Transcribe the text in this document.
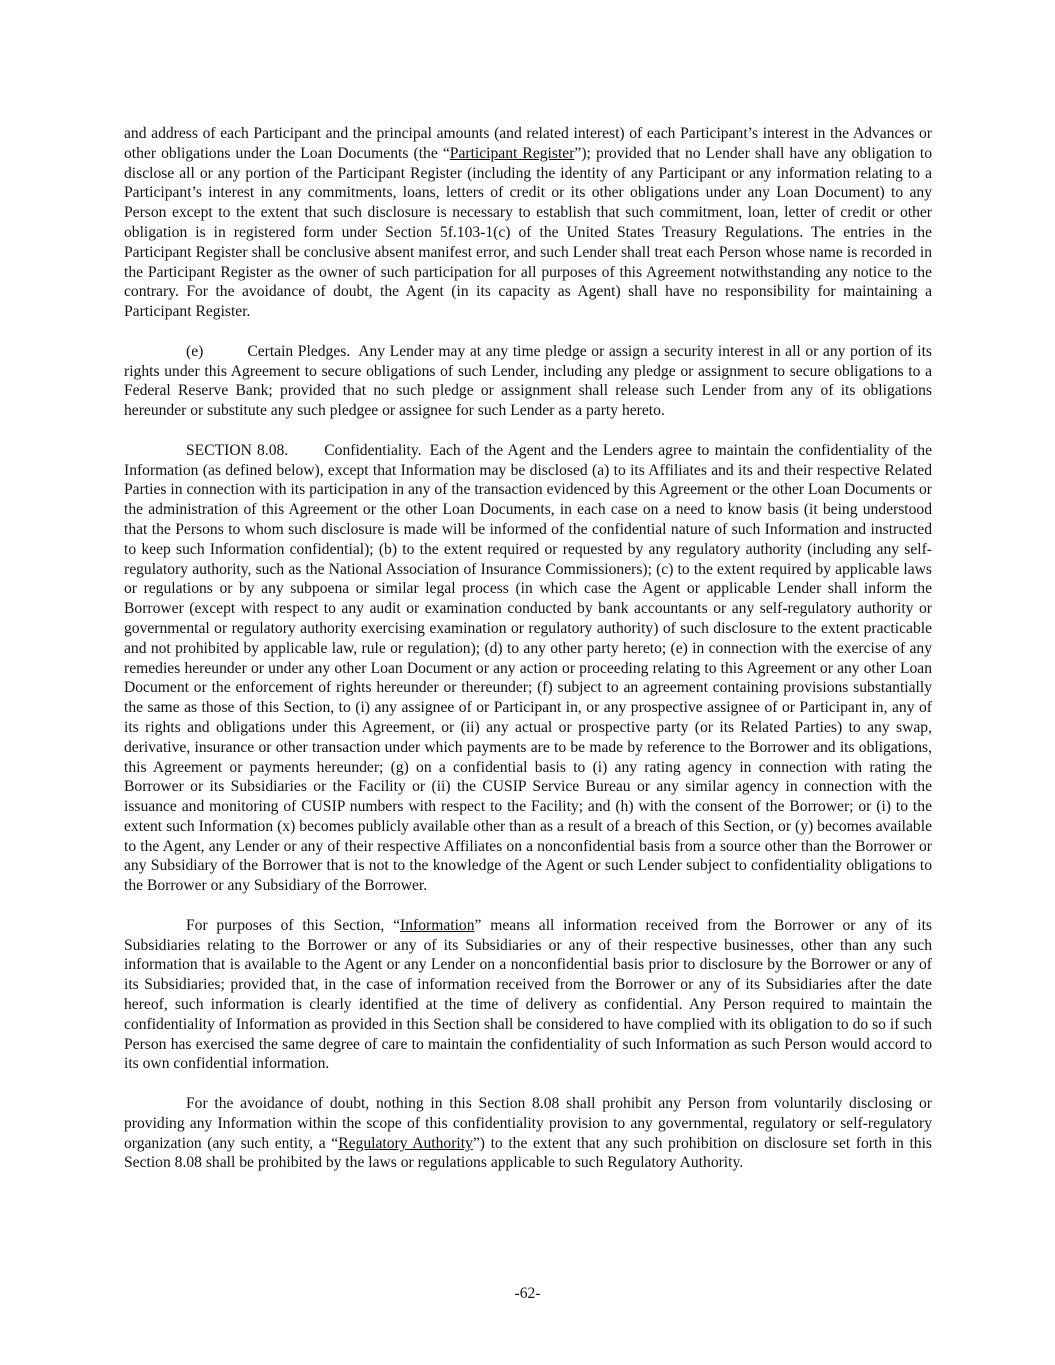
and address of each Participant and the principal amounts (and related interest) of each Participant’s interest in the Advances or other obligations under the Loan Documents (the “Participant Register”); provided that no Lender shall have any obligation to disclose all or any portion of the Participant Register (including the identity of any Participant or any information relating to a Participant’s interest in any commitments, loans, letters of credit or its other obligations under any Loan Document) to any Person except to the extent that such disclosure is necessary to establish that such commitment, loan, letter of credit or other obligation is in registered form under Section 5f.103-1(c) of the United States Treasury Regulations. The entries in the Participant Register shall be conclusive absent manifest error, and such Lender shall treat each Person whose name is recorded in the Participant Register as the owner of such participation for all purposes of this Agreement notwithstanding any notice to the contrary. For the avoidance of doubt, the Agent (in its capacity as Agent) shall have no responsibility for maintaining a Participant Register.

(e)	Certain Pledges. Any Lender may at any time pledge or assign a security interest in all or any portion of its rights under this Agreement to secure obligations of such Lender, including any pledge or assignment to secure obligations to a Federal Reserve Bank; provided that no such pledge or assignment shall release such Lender from any of its obligations hereunder or substitute any such pledgee or assignee for such Lender as a party hereto.

SECTION 8.08. Confidentiality. Each of the Agent and the Lenders agree to maintain the confidentiality of the Information (as defined below), except that Information may be disclosed (a) to its Affiliates and its and their respective Related Parties in connection with its participation in any of the transaction evidenced by this Agreement or the other Loan Documents or the administration of this Agreement or the other Loan Documents, in each case on a need to know basis (it being understood that the Persons to whom such disclosure is made will be informed of the confidential nature of such Information and instructed to keep such Information confidential); (b) to the extent required or requested by any regulatory authority (including any self-regulatory authority, such as the National Association of Insurance Commissioners); (c) to the extent required by applicable laws or regulations or by any subpoena or similar legal process (in which case the Agent or applicable Lender shall inform the Borrower (except with respect to any audit or examination conducted by bank accountants or any self-regulatory authority or governmental or regulatory authority exercising examination or regulatory authority) of such disclosure to the extent practicable and not prohibited by applicable law, rule or regulation); (d) to any other party hereto; (e) in connection with the exercise of any remedies hereunder or under any other Loan Document or any action or proceeding relating to this Agreement or any other Loan Document or the enforcement of rights hereunder or thereunder; (f) subject to an agreement containing provisions substantially the same as those of this Section, to (i) any assignee of or Participant in, or any prospective assignee of or Participant in, any of its rights and obligations under this Agreement, or (ii) any actual or prospective party (or its Related Parties) to any swap, derivative, insurance or other transaction under which payments are to be made by reference to the Borrower and its obligations, this Agreement or payments hereunder; (g) on a confidential basis to (i) any rating agency in connection with rating the Borrower or its Subsidiaries or the Facility or (ii) the CUSIP Service Bureau or any similar agency in connection with the issuance and monitoring of CUSIP numbers with respect to the Facility; and (h) with the consent of the Borrower; or (i) to the extent such Information (x) becomes publicly available other than as a result of a breach of this Section, or (y) becomes available to the Agent, any Lender or any of their respective Affiliates on a nonconfidential basis from a source other than the Borrower or any Subsidiary of the Borrower that is not to the knowledge of the Agent or such Lender subject to confidentiality obligations to the Borrower or any Subsidiary of the Borrower.

For purposes of this Section, “Information” means all information received from the Borrower or any of its Subsidiaries relating to the Borrower or any of its Subsidiaries or any of their respective businesses, other than any such information that is available to the Agent or any Lender on a nonconfidential basis prior to disclosure by the Borrower or any of its Subsidiaries; provided that, in the case of information received from the Borrower or any of its Subsidiaries after the date hereof, such information is clearly identified at the time of delivery as confidential. Any Person required to maintain the confidentiality of Information as provided in this Section shall be considered to have complied with its obligation to do so if such Person has exercised the same degree of care to maintain the confidentiality of such Information as such Person would accord to its own confidential information.

For the avoidance of doubt, nothing in this Section 8.08 shall prohibit any Person from voluntarily disclosing or providing any Information within the scope of this confidentiality provision to any governmental, regulatory or self-regulatory organization (any such entity, a “Regulatory Authority”) to the extent that any such prohibition on disclosure set forth in this Section 8.08 shall be prohibited by the laws or regulations applicable to such Regulatory Authority.

-62-
